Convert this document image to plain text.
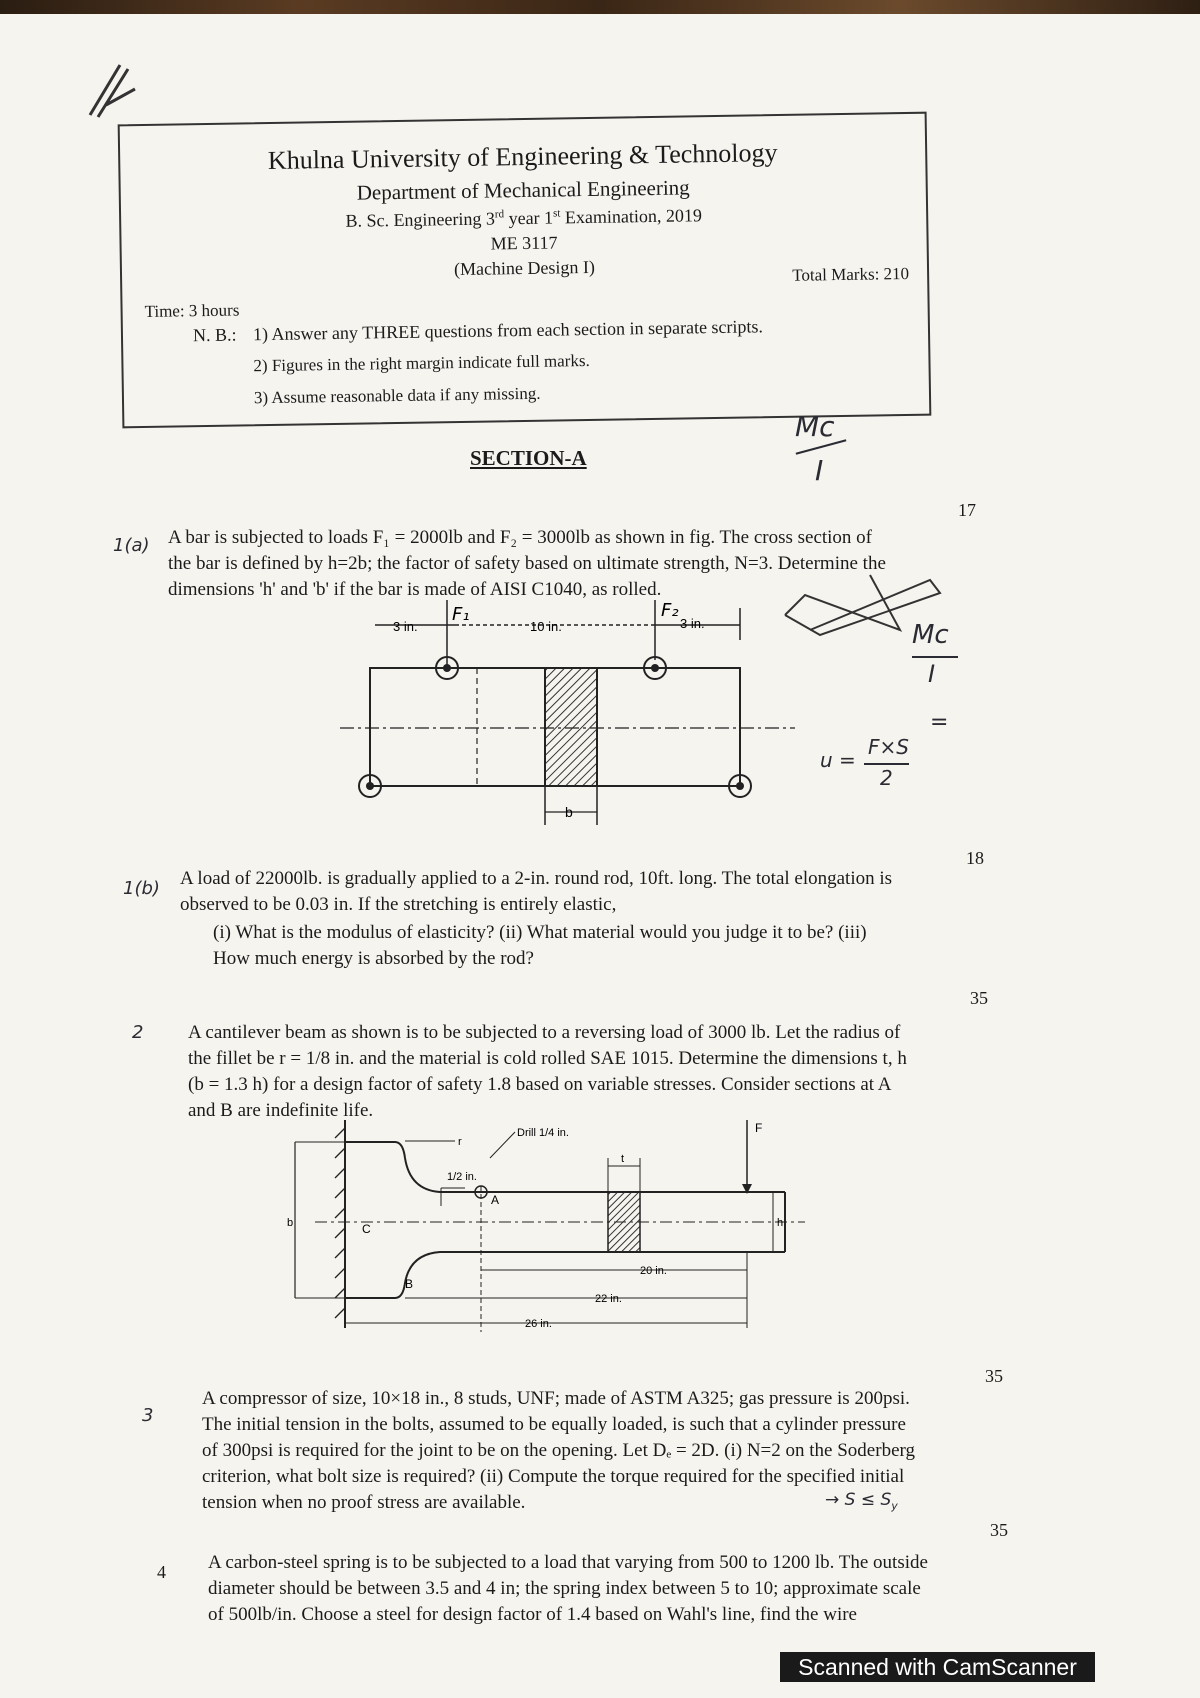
Khulna University of Engineering & Technology
Department of Mechanical Engineering
B. Sc. Engineering 3rd year 1st Examination, 2019
ME 3117
(Machine Design I)	Total Marks: 210
Time: 3 hours
N. B.: 1) Answer any THREE questions from each section in separate scripts.
2) Figures in the right margin indicate full marks.
3) Assume reasonable data if any missing.
SECTION-A
Mc
I
1(a) A bar is subjected to loads F₁ = 2000lb and F₂ = 3000lb as shown in fig. The cross section of
the bar is defined by h=2b; the factor of safety based on ultimate strength, N=3. Determine the
dimensions 'h' and 'b' if the bar is made of AISI C1040, as rolled.
17
3 in.	10 in.	3 in.
F₁	F₂
b
Mc
I
=
u =
F×S
2
1(b) A load of 22000lb. is gradually applied to a 2-in. round rod, 10ft. long. The total elongation is
observed to be 0.03 in. If the stretching is entirely elastic,
(i) What is the modulus of elasticity? (ii) What material would you judge it to be? (iii)
How much energy is absorbed by the rod?
18
2 A cantilever beam as shown is to be subjected to a reversing load of 3000 lb. Let the radius of
the fillet be r = 1/8 in. and the material is cold rolled SAE 1015. Determine the dimensions t, h
(b = 1.3 h) for a design factor of safety 1.8 based on variable stresses. Consider sections at A
and B are indefinite life.
35
b	C
B
r
1/2 in.
Drill 1/4 in.
A
t
F
h
20 in.
22 in.
26 in.
3
A compressor of size, 10×18 in., 8 studs, UNF; made of ASTM A325; gas pressure is 200psi.
The initial tension in the bolts, assumed to be equally loaded, is such that a cylinder pressure
of 300psi is required for the joint to be on the opening. Let Dₑ = 2D. (i) N=2 on the Soderberg
criterion, what bolt size is required? (ii) Compute the torque required for the specified initial
tension when no proof stress are available.
35
→ $S \le S_y$
4 A carbon-steel spring is to be subjected to a load that varying from 500 to 1200 lb. The outside
diameter should be between 3.5 and 4 in; the spring index between 5 to 10; approximate scale
of 500lb/in. Choose a steel for design factor of 1.4 based on Wahl's line, find the wire
35
Scanned with CamScanner
